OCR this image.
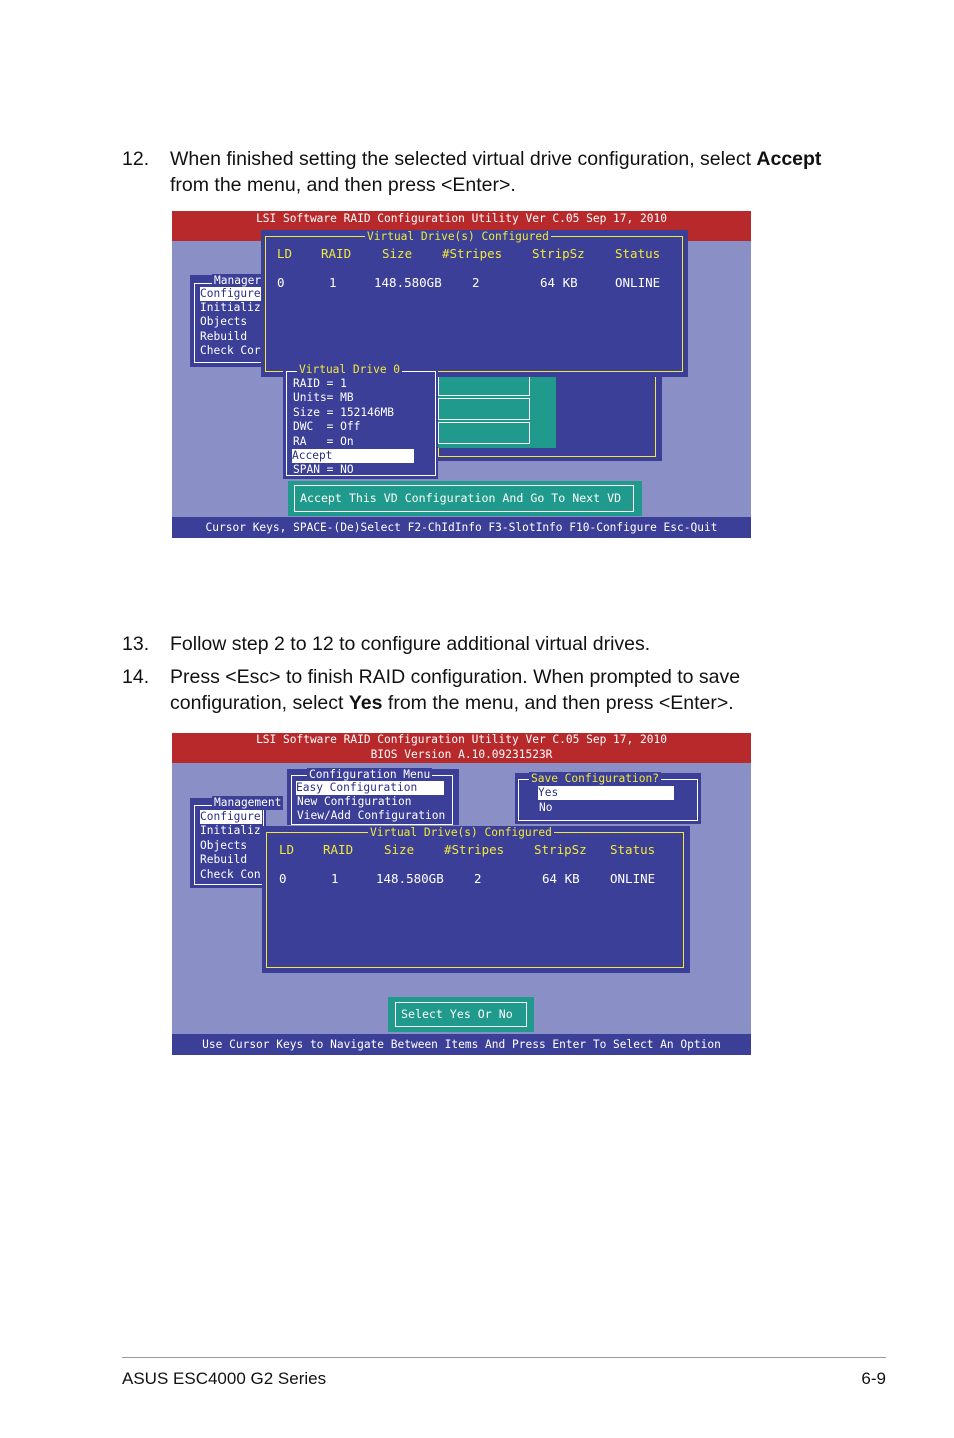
12. When finished setting the selected virtual drive configuration, select Accept from the menu, and then press <Enter>.
LSI Software RAID Configuration Utility Ver C.05 Sep 17, 2010
Manager
Configure
Initializ
Objects
Rebuild
Check Cor
Virtual Drive(s) Configured
LD RAID Size #Stripes StripSz Status
0	1	148.580GB 2	64 KB	ONLINE
Virtual Drive 0
RAID = 1
Units= MB
Size = 152146MB
DWC  = Off
RA   = On
Accept
SPAN = NO
Accept This VD Configuration And Go To Next VD
Cursor Keys, SPACE-(De)Select F2-ChIdInfo F3-SlotInfo F10-Configure Esc-Quit
13. Follow step 2 to 12 to configure additional virtual drives.
14. Press <Esc> to finish RAID configuration. When prompted to save configuration, select Yes from the menu, and then press <Enter>.
LSI Software RAID Configuration Utility Ver C.05 Sep 17, 2010
BIOS Version A.10.09231523R
Management
Configure
Initializ
Objects
Rebuild
Check Con
Configuration Menu
Easy Configuration
New Configuration
View/Add Configuration
Save Configuration?
Yes
No
Virtual Drive(s) Configured
LD RAID Size #Stripes StripSz Status
0	1	148.580GB 2	64 KB ONLINE
Select Yes Or No
Use Cursor Keys to Navigate Between Items And Press Enter To Select An Option
ASUS ESC4000 G2 Series	6-9
